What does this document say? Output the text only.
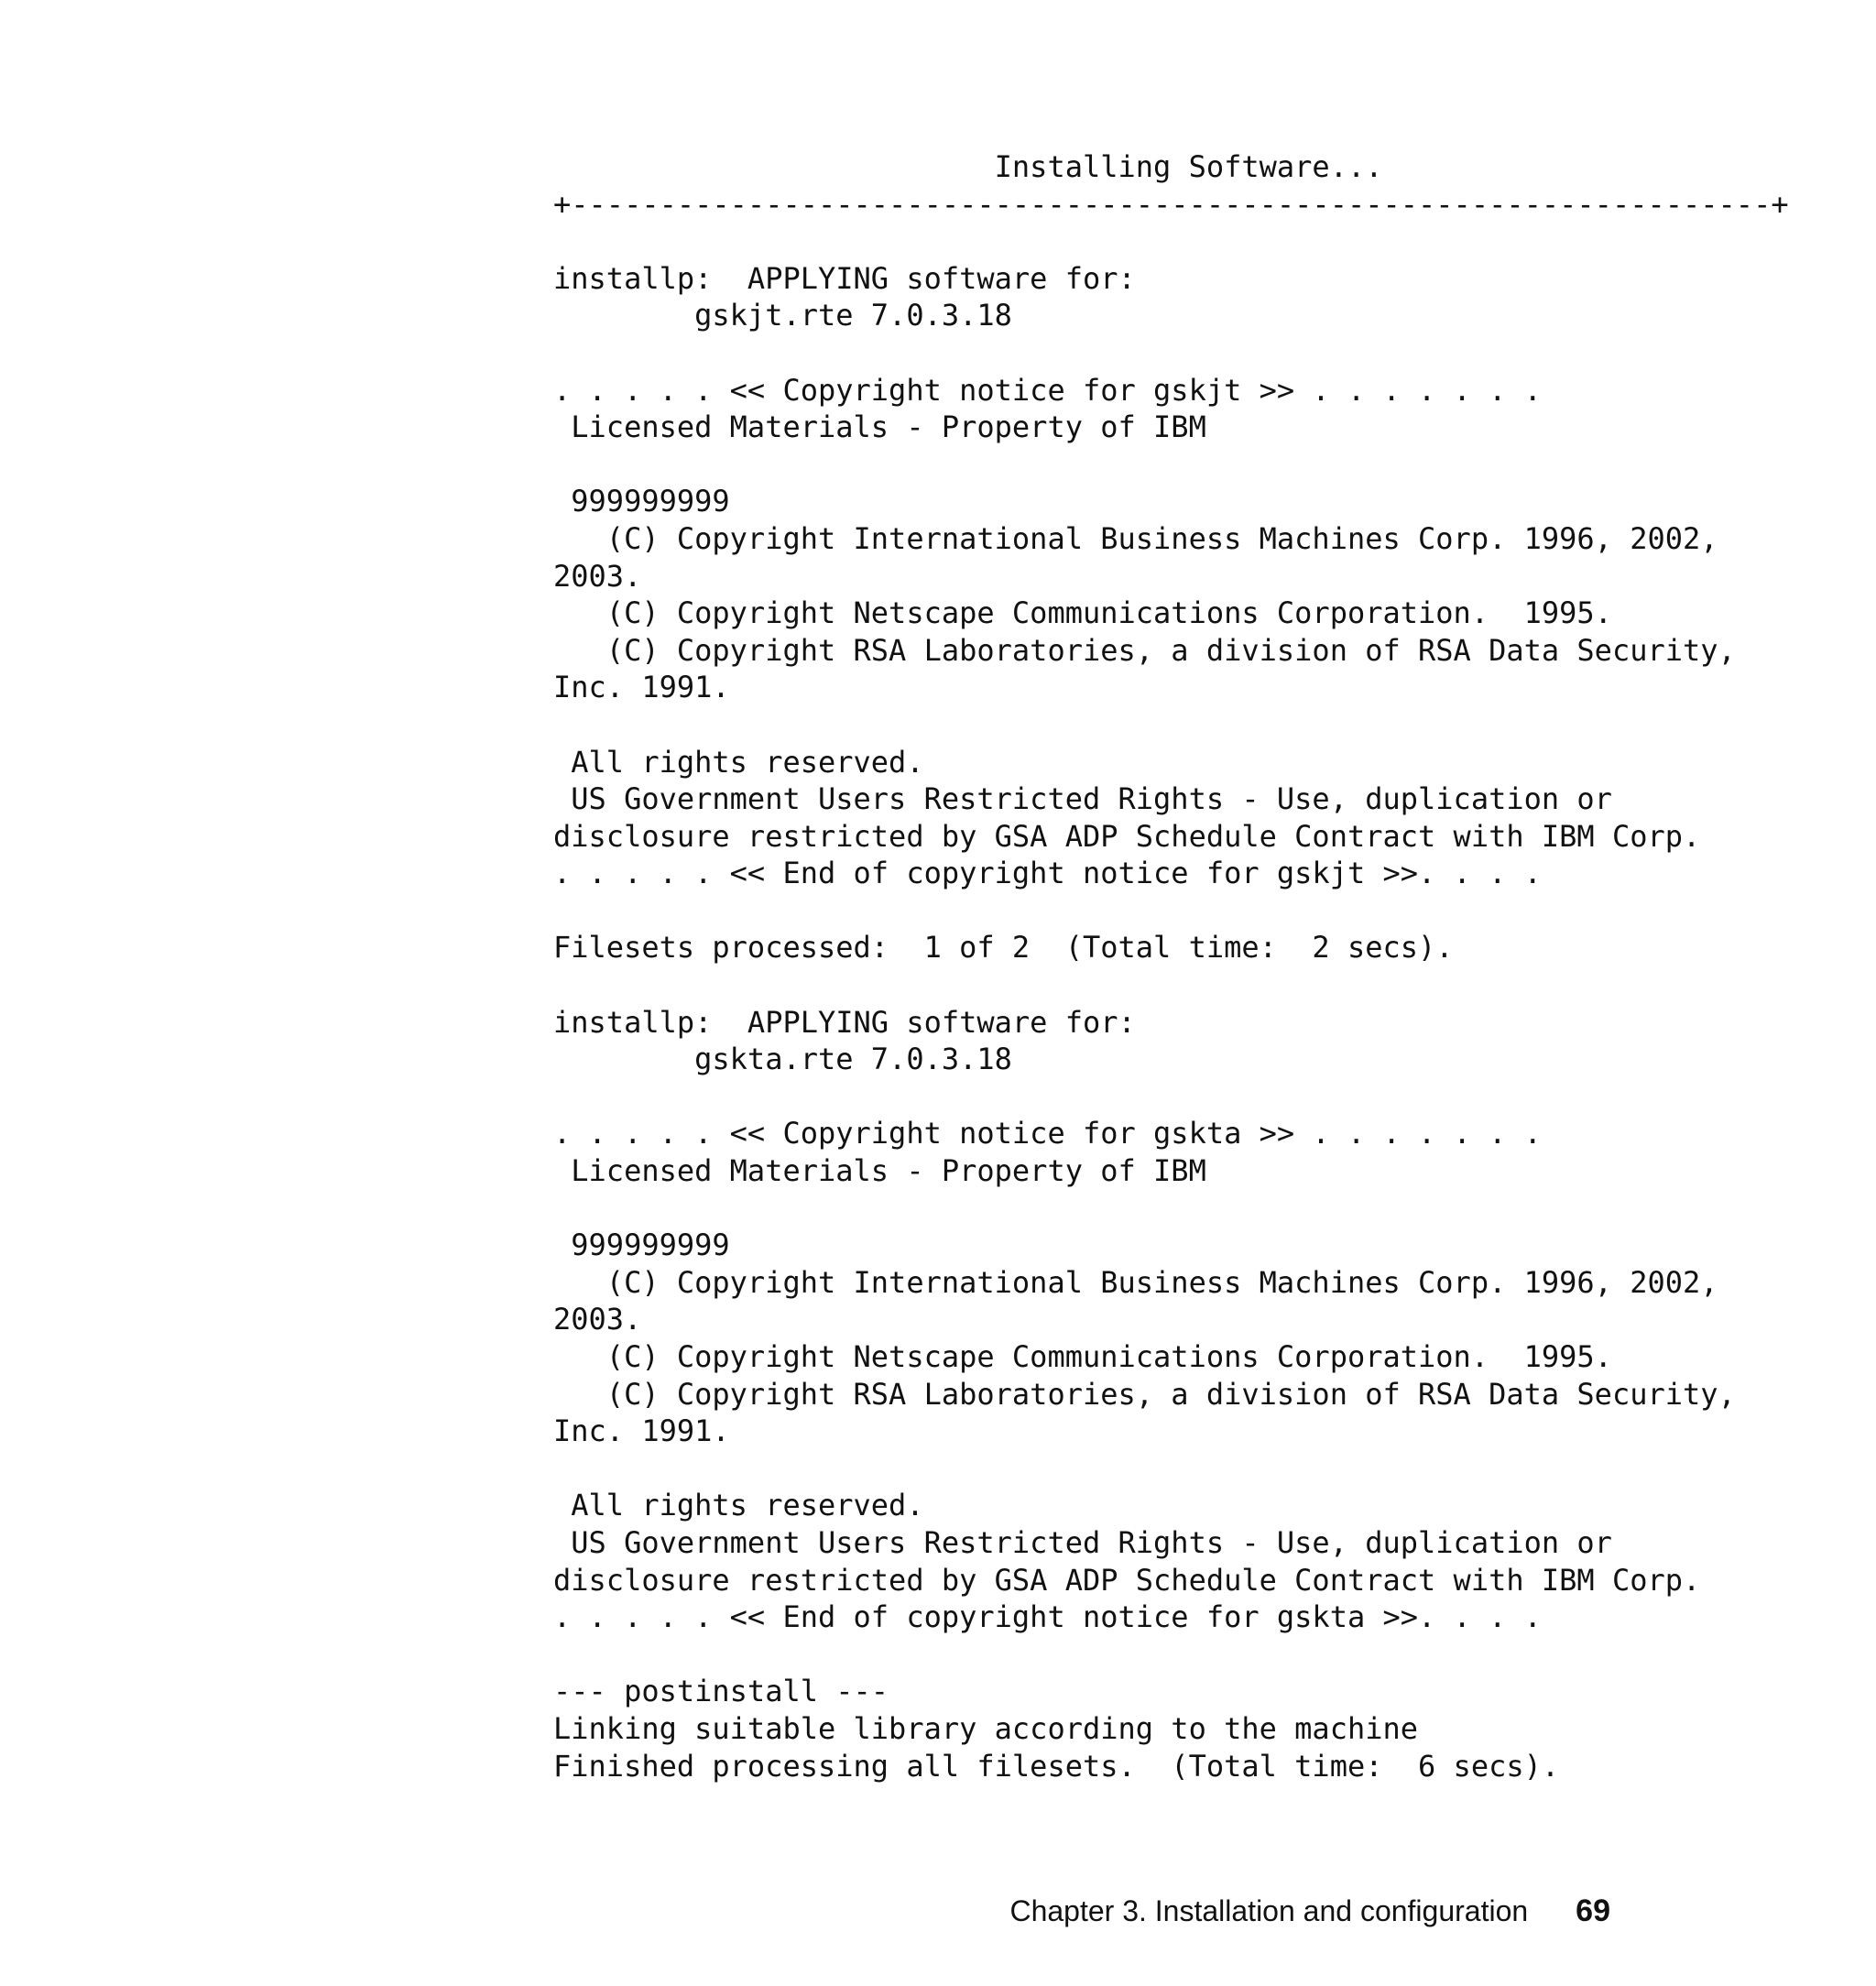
Installing Software...
+--------------------------------------------------------------------+
installp:  APPLYING software for:
gskjt.rte 7.0.3.18
. . . . . << Copyright notice for gskjt >> . . . . . . .
Licensed Materials - Property of IBM
999999999
(C) Copyright International Business Machines Corp. 1996, 2002,
2003.
(C) Copyright Netscape Communications Corporation.  1995.
(C) Copyright RSA Laboratories, a division of RSA Data Security,
Inc. 1991.
All rights reserved.
US Government Users Restricted Rights - Use, duplication or
disclosure restricted by GSA ADP Schedule Contract with IBM Corp.
. . . . . << End of copyright notice for gskjt >>. . . .
Filesets processed:  1 of 2  (Total time:  2 secs).
installp:  APPLYING software for:
gskta.rte 7.0.3.18
. . . . . << Copyright notice for gskta >> . . . . . . .
Licensed Materials - Property of IBM
999999999
(C) Copyright International Business Machines Corp. 1996, 2002,
2003.
(C) Copyright Netscape Communications Corporation.  1995.
(C) Copyright RSA Laboratories, a division of RSA Data Security,
Inc. 1991.
All rights reserved.
US Government Users Restricted Rights - Use, duplication or
disclosure restricted by GSA ADP Schedule Contract with IBM Corp.
. . . . . << End of copyright notice for gskta >>. . . .
--- postinstall ---
Linking suitable library according to the machine
Finished processing all filesets.  (Total time:  6 secs).
Chapter 3. Installation and configuration 69
